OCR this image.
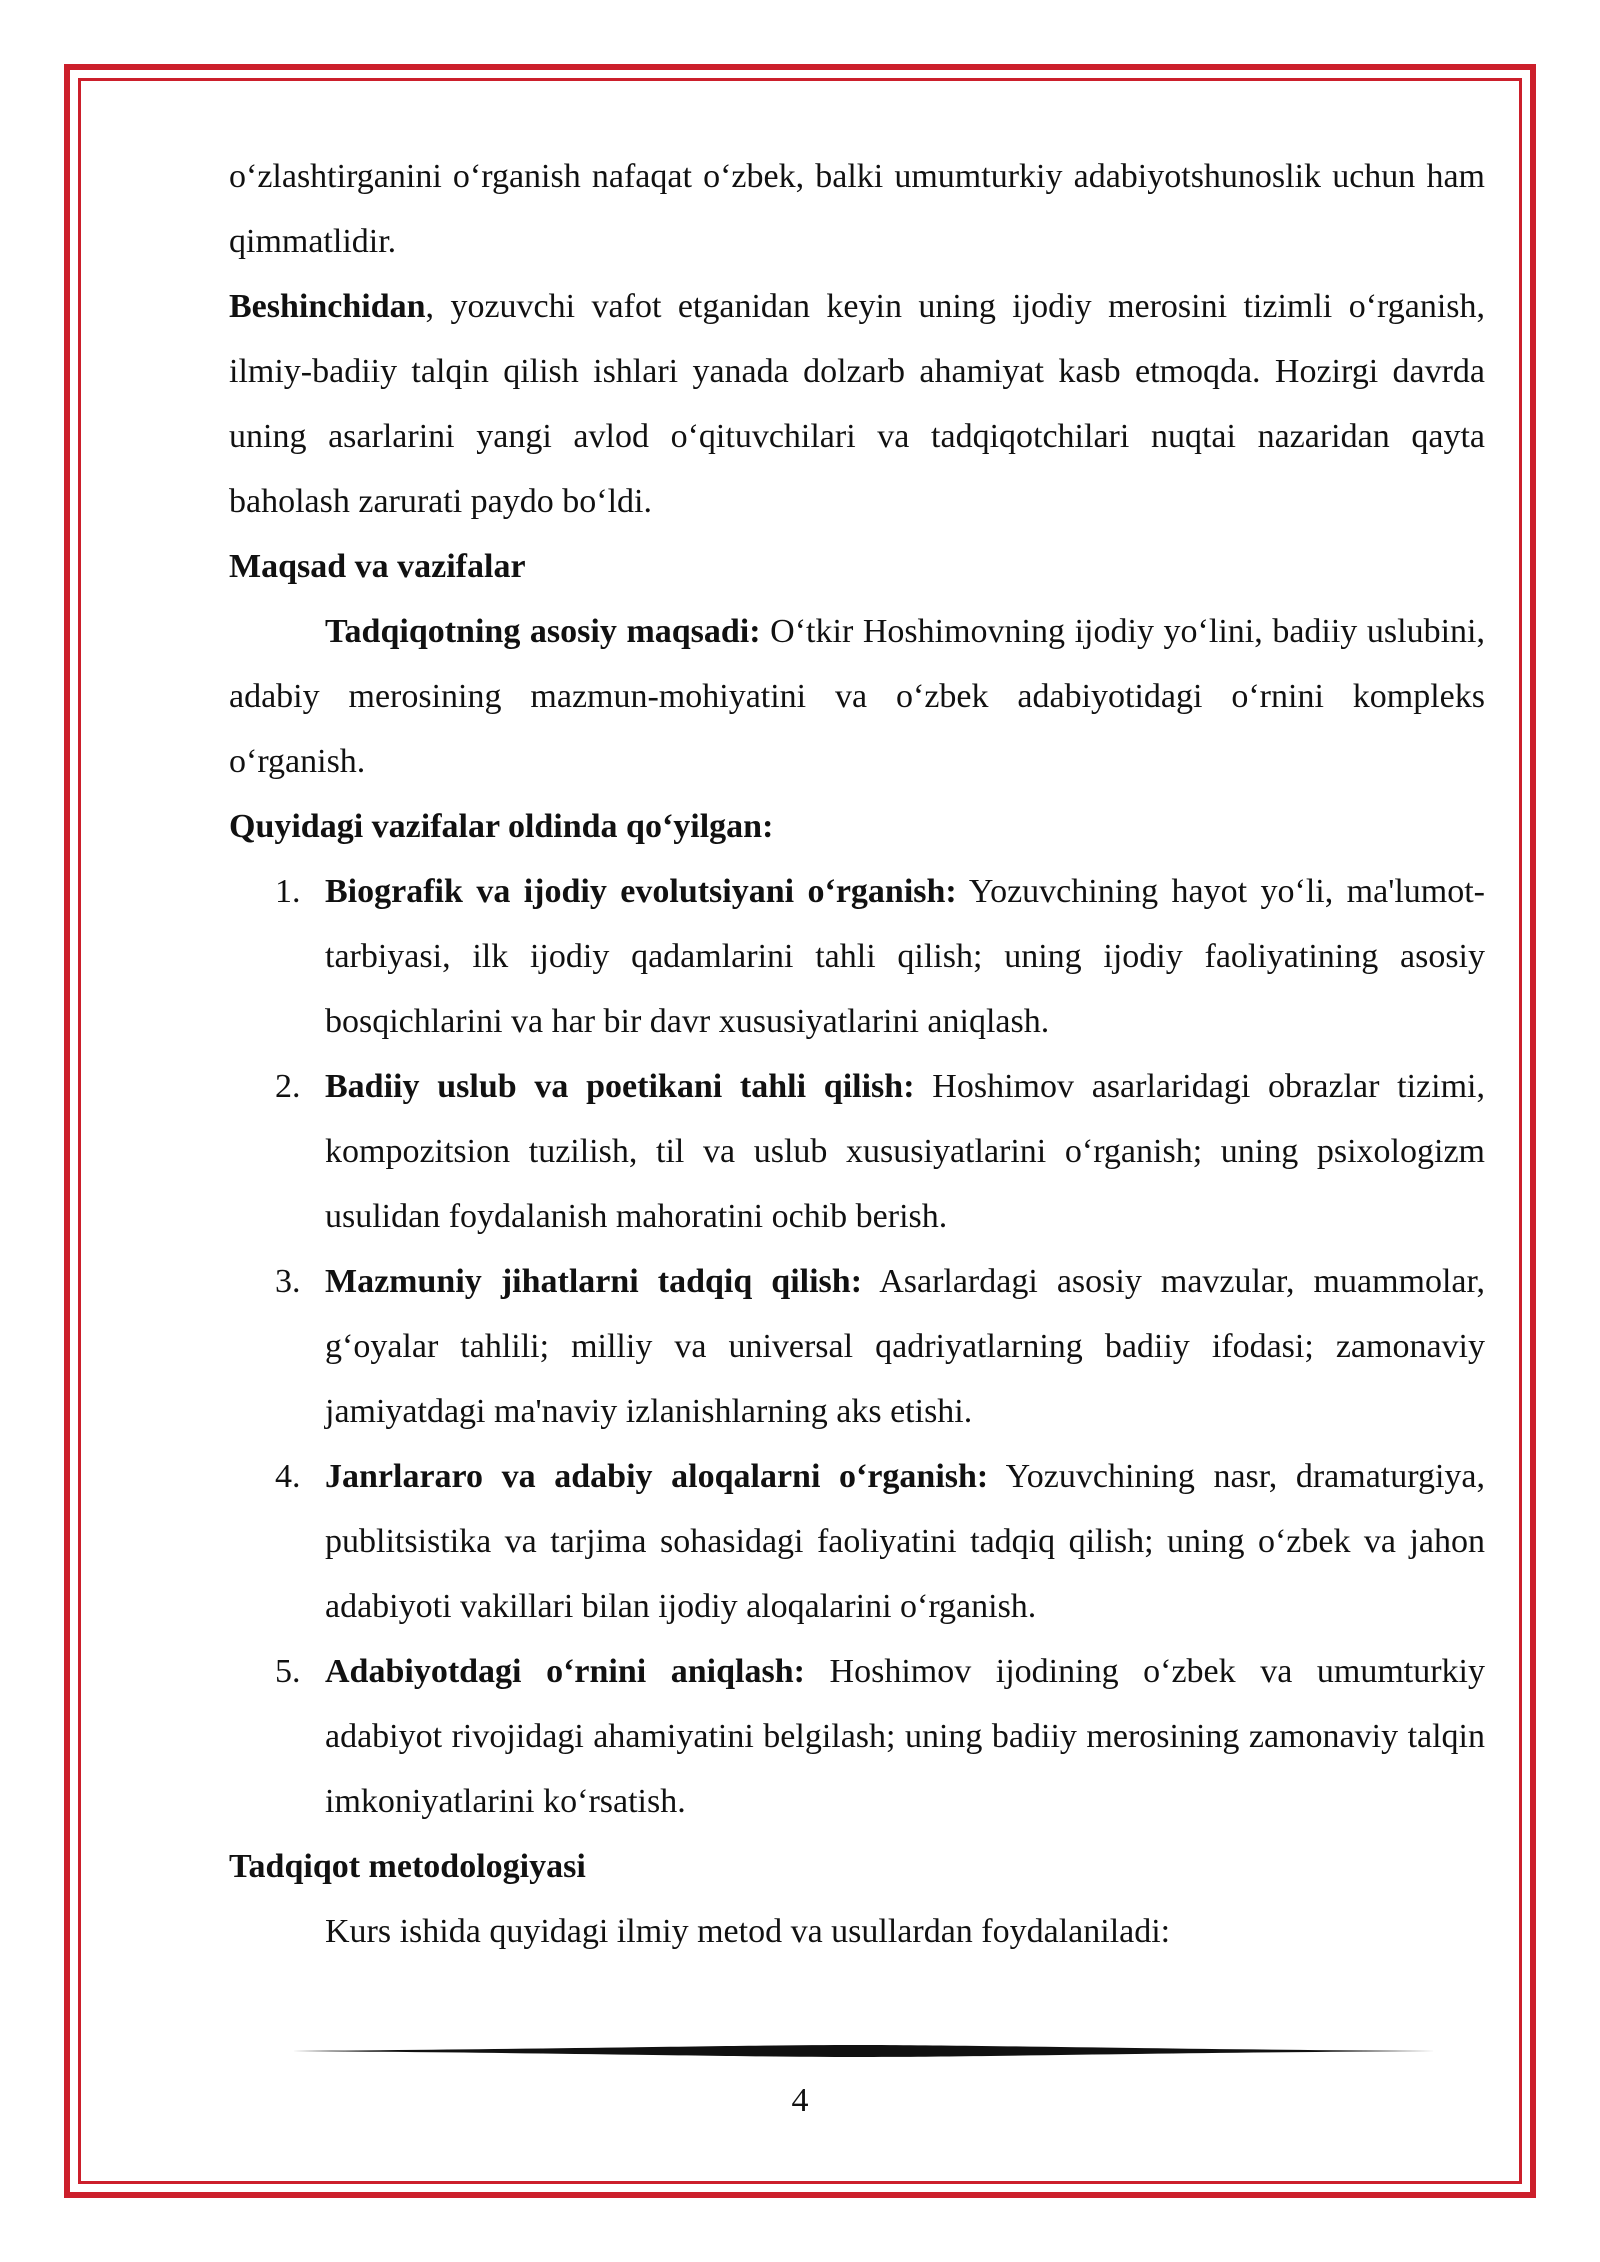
o‘zlashtirganini o‘rganish nafaqat o‘zbek, balki umumturkiy adabiyotshunoslik uchun ham qimmatlidir.

Beshinchidan, yozuvchi vafot etganidan keyin uning ijodiy merosini tizimli o‘rganish, ilmiy-badiiy talqin qilish ishlari yanada dolzarb ahamiyat kasb etmoqda. Hozirgi davrda uning asarlarini yangi avlod o‘qituvchilari va tadqiqotchilari nuqtai nazaridan qayta baholash zarurati paydo bo‘ldi.

Maqsad va vazifalar

Tadqiqotning asosiy maqsadi: O‘tkir Hoshimovning ijodiy yo‘lini, badiiy uslubini, adabiy merosining mazmun-mohiyatini va o‘zbek adabiyotidagi o‘rnini kompleks o‘rganish.

Quyidagi vazifalar oldinda qo‘yilgan:

1. Biografik va ijodiy evolutsiyani o‘rganish: Yozuvchining hayot yo‘li, ma'lumot-tarbiyasi, ilk ijodiy qadamlarini tahli qilish; uning ijodiy faoliyatining asosiy bosqichlarini va har bir davr xususiyatlarini aniqlash.
2. Badiiy uslub va poetikani tahli qilish: Hoshimov asarlaridagi obrazlar tizimi, kompozitsion tuzilish, til va uslub xususiyatlarini o‘rganish; uning psixologizm usulidan foydalanish mahoratini ochib berish.
3. Mazmuniy jihatlarni tadqiq qilish: Asarlardagi asosiy mavzular, muammolar, g‘oyalar tahlili; milliy va universal qadriyatlarning badiiy ifodasi; zamonaviy jamiyatdagi ma'naviy izlanishlarning aks etishi.
4. Janrlararo va adabiy aloqalarni o‘rganish: Yozuvchining nasr, dramaturgiya, publitsistika va tarjima sohasidagi faoliyatini tadqiq qilish; uning o‘zbek va jahon adabiyoti vakillari bilan ijodiy aloqalarini o‘rganish.
5. Adabiyotdagi o‘rnini aniqlash: Hoshimov ijodining o‘zbek va umumturkiy adabiyot rivojidagi ahamiyatini belgilash; uning badiiy merosining zamonaviy talqin imkoniyatlarini ko‘rsatish.

Tadqiqot metodologiyasi

Kurs ishida quyidagi ilmiy metod va usullardan foydalaniladi:

4
